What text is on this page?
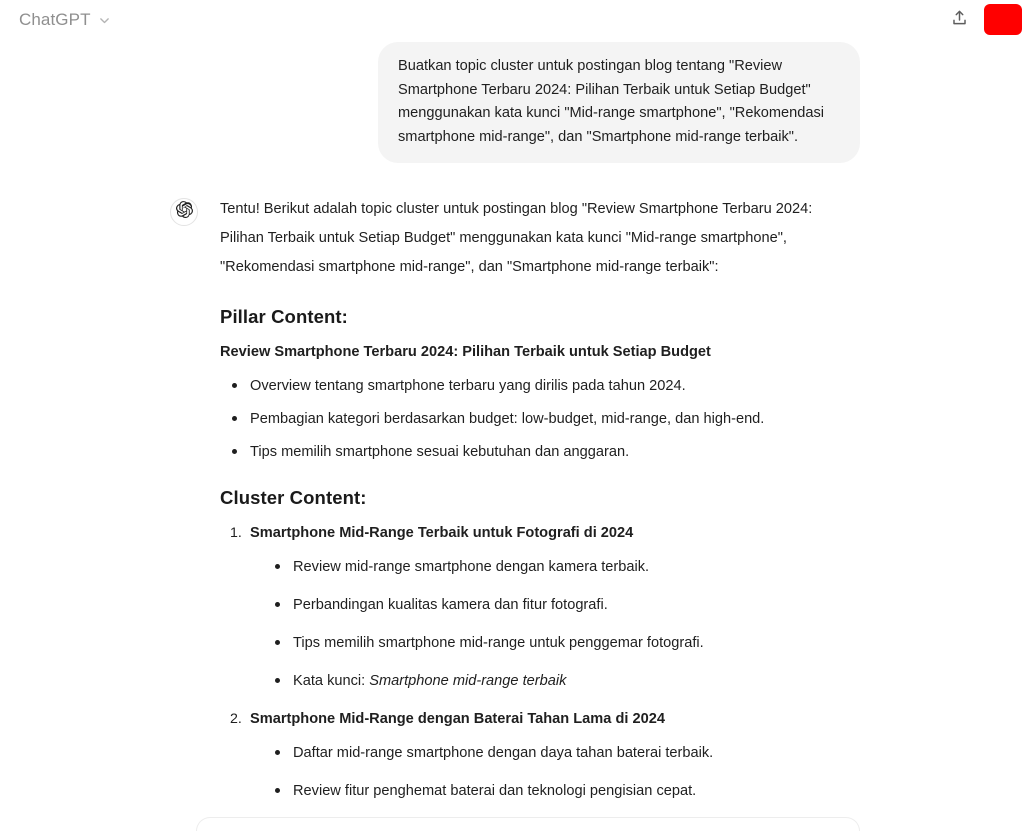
ChatGPT
Buatkan topic cluster untuk postingan blog tentang "Review Smartphone Terbaru 2024: Pilihan Terbaik untuk Setiap Budget" menggunakan kata kunci "Mid-range smartphone", "Rekomendasi smartphone mid-range", dan "Smartphone mid-range terbaik".

Tentu! Berikut adalah topic cluster untuk postingan blog "Review Smartphone Terbaru 2024: Pilihan Terbaik untuk Setiap Budget" menggunakan kata kunci "Mid-range smartphone", "Rekomendasi smartphone mid-range", dan "Smartphone mid-range terbaik":

Pillar Content:

Review Smartphone Terbaru 2024: Pilihan Terbaik untuk Setiap Budget

Overview tentang smartphone terbaru yang dirilis pada tahun 2024.
Pembagian kategori berdasarkan budget: low-budget, mid-range, dan high-end.
Tips memilih smartphone sesuai kebutuhan dan anggaran.
Cluster Content:
1. Smartphone Mid-Range Terbaik untuk Fotografi di 2024
Review mid-range smartphone dengan kamera terbaik.
Perbandingan kualitas kamera dan fitur fotografi.
Tips memilih smartphone mid-range untuk penggemar fotografi.
Kata kunci: Smartphone mid-range terbaik
2. Smartphone Mid-Range dengan Baterai Tahan Lama di 2024
Daftar mid-range smartphone dengan daya tahan baterai terbaik.
Review fitur penghemat baterai dan teknologi pengisian cepat.
